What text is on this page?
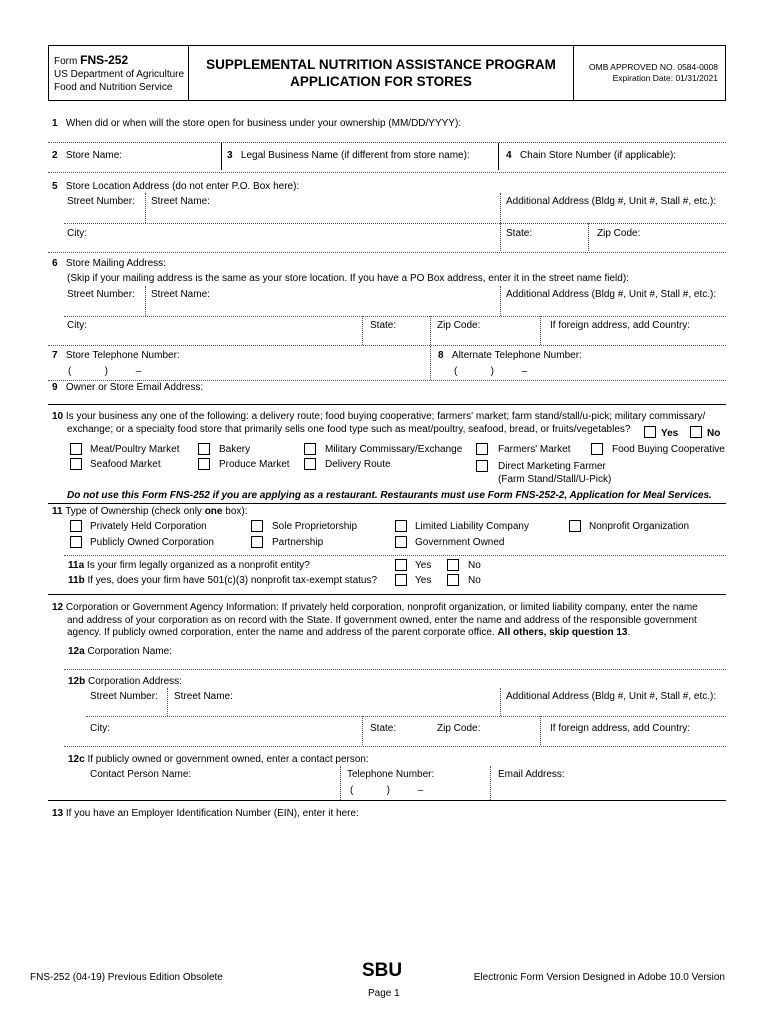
Form FNS-252
US Department of Agriculture
Food and Nutrition Service
SUPPLEMENTAL NUTRITION ASSISTANCE PROGRAM
APPLICATION FOR STORES
OMB APPROVED NO. 0584-0008
Expiration Date: 01/31/2021
1 When did or when will the store open for business under your ownership (MM/DD/YYYY):
2 Store Name:	3 Legal Business Name (if different from store name):	4 Chain Store Number (if applicable):
5 Store Location Address (do not enter P.O. Box here):
Street Number: Street Name:	Additional Address (Bldg #, Unit #, Stall #, etc.):
City:	State:	Zip Code:
6 Store Mailing Address:
(Skip if your mailing address is the same as your store location. If you have a PO Box address, enter it in the street name field):
Street Number: Street Name:	Additional Address (Bldg #, Unit #, Stall #, etc.):
City:	State:	Zip Code:	If foreign address, add Country:
7 Store Telephone Number:
(            )          –
8 Alternate Telephone Number:
(            )          –
9 Owner or Store Email Address:
10 Is your business any one of the following: a delivery route; food buying cooperative; farmers' market; farm stand/stall/u-pick; military commissary/
exchange; or a specialty food store that primarily sells one food type such as meat/poultry, seafood, bread, or fruits/vegetables?	Yes	No
Meat/Poultry Market	Bakery	Military Commissary/Exchange	Farmers' Market	Food Buying Cooperative
Seafood Market	Produce Market	Delivery Route	Direct Marketing Farmer
(Farm Stand/Stall/U-Pick)
Do not use this Form FNS-252 if you are applying as a restaurant. Restaurants must use Form FNS-252-2, Application for Meal Services.
11 Type of Ownership (check only one box):
Privately Held Corporation	Sole Proprietorship	Limited Liability Company	Nonprofit Organization
Publicly Owned Corporation	Partnership	Government Owned
11a Is your firm legally organized as a nonprofit entity?	Yes	No
11b If yes, does your firm have 501(c)(3) nonprofit tax-exempt status?	Yes	No
12 Corporation or Government Agency Information: If privately held corporation, nonprofit organization, or limited liability company, enter the name
and address of your corporation as on record with the State. If government owned, enter the name and address of the responsible government
agency. If publicly owned corporation, enter the name and address of the parent corporate office. All others, skip question 13.
12a Corporation Name:
12b Corporation Address:
Street Number: Street Name:	Additional Address (Bldg #, Unit #, Stall #, etc.):
City:	State:	Zip Code:	If foreign address, add Country:
12c If publicly owned or government owned, enter a contact person:
Contact Person Name:	Telephone Number:
(            )          –
Email Address:
13 If you have an Employer Identification Number (EIN), enter it here:
FNS-252 (04-19) Previous Edition Obsolete	SBU
Page 1
Electronic Form Version Designed in Adobe 10.0 Version
